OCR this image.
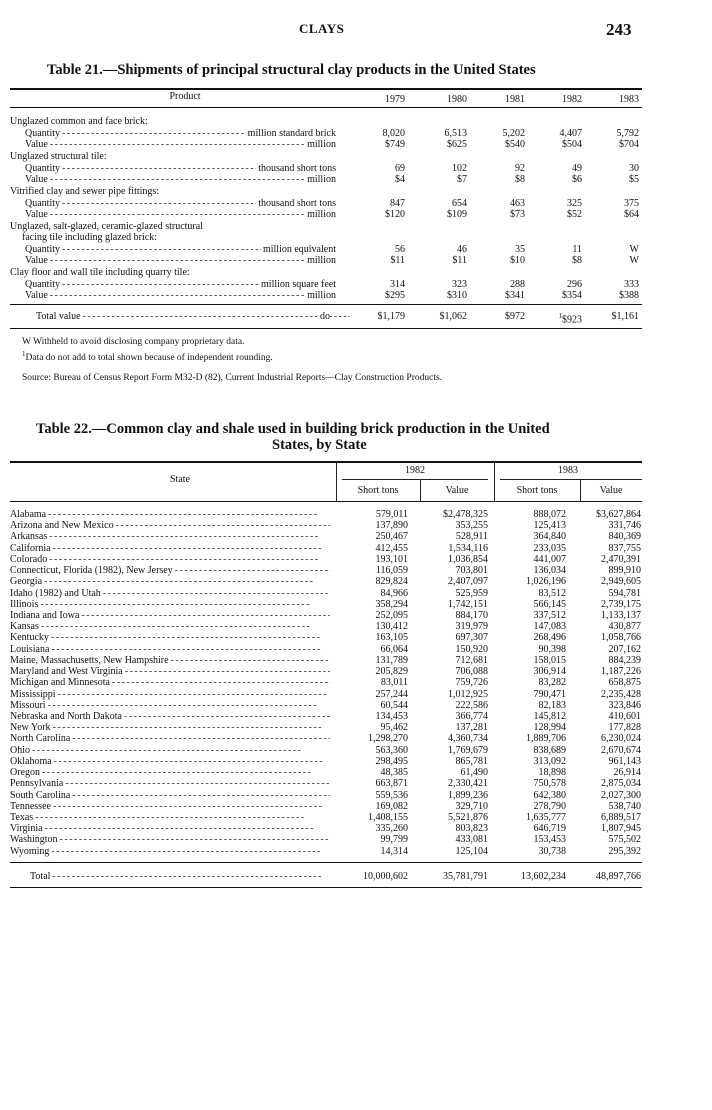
CLAYS	243
Table 21.—Shipments of principal structural clay products in the United States
Product	1979	1980	1981	1982	1983
Unglazed common and face brick:
Quantity - - -	million standard brick	8,020	6,513	5,202	4,407	5,792
Value - - -	million	$749	$625	$540	$504	$704
Unglazed structural tile:
Quantity - - -	thousand short tons	69	102	92	49	30
Value - - -	million	$4	$7	$8	$6	$5
Vitrified clay and sewer pipe fittings:
Quantity - - -	thousand short tons	847	654	463	325	375
Value - - -	million	$120	$109	$73	$52	$64
Unglazed, salt-glazed, ceramic-glazed structural
facing tile including glazed brick:
Quantity - - -	million equivalent	56	46	35	11	W
Value - - -	million	$11	$11	$10	$8	W
Clay floor and wall tile including quarry tile:
Quantity - - -	million square feet	314	323	288	296	333
Value - - -	million	$295	$310	$341	$354	$388
Total value - - -	do	$1,179	$1,062	$972	$^1$\$923	$1,161
W Withheld to avoid disclosing company proprietary data.
$^1$Data do not add to total shown because of independent rounding.
Source: Bureau of Census Report Form M32-D (82), Current Industrial Reports—Clay Construction Products.
Table 22.—Common clay and shale used in building brick production in the United
States, by State
State
1982	1983
Short tons	Value	Short tons	Value
Alabama - - -	579,011	$2,478,325	888,072	$3,627,864
Arizona and New Mexico - - -	137,890	353,255	125,413	331,746
Arkansas - - -	250,467	528,911	364,840	840,369
California - - -	412,455	1,534,116	233,035	837,755
Colorado - - -	193,101	1,036,854	441,007	2,470,391
Connecticut, Florida (1982), New Jersey - - -	116,059	703,801	136,034	899,910
Georgia - - -	829,824	2,407,097	1,026,196	2,949,605
Idaho (1982) and Utah - - -	84,966	525,959	83,512	594,781
Illinois - - -	358,294	1,742,151	566,145	2,739,175
Indiana and Iowa - - -	252,095	884,170	337,512	1,133,137
Kansas - - -	130,412	319,979	147,083	430,877
Kentucky - - -	163,105	697,307	268,496	1,058,766
Louisiana - - -	66,064	150,920	90,398	207,162
Maine, Massachusetts, New Hampshire - - -	131,789	712,681	158,015	884,239
Maryland and West Virginia - - -	205,829	706,088	306,914	1,187,226
Michigan and Minnesota - - -	83,011	759,726	83,282	658,875
Mississippi - - -	257,244	1,012,925	790,471	2,235,428
Missouri - - -	60,544	222,586	82,183	323,846
Nebraska and North Dakota - - -	134,453	366,774	145,812	410,601
New York - - -	95,462	137,281	128,994	177,828
North Carolina - - -	1,298,270	4,360,734	1,889,706	6,230,024
Ohio - - -	563,360	1,769,679	838,689	2,670,674
Oklahoma - - -	298,495	865,781	313,092	961,143
Oregon - - -	48,385	61,490	18,898	26,914
Pennsylvania - - -	663,871	2,330,421	750,578	2,875,034
South Carolina - - -	559,536	1,899,236	642,380	2,027,300
Tennessee - - -	169,082	329,710	278,790	538,740
Texas - - -	1,408,155	5,521,876	1,635,777	6,889,517
Virginia - - -	335,260	803,823	646,719	1,807,945
Washington - - -	99,799	433,081	153,453	575,502
Wyoming - - -	14,314	125,104	30,738	295,392
Total - - -	10,000,602	35,781,791	13,602,234	48,897,766
